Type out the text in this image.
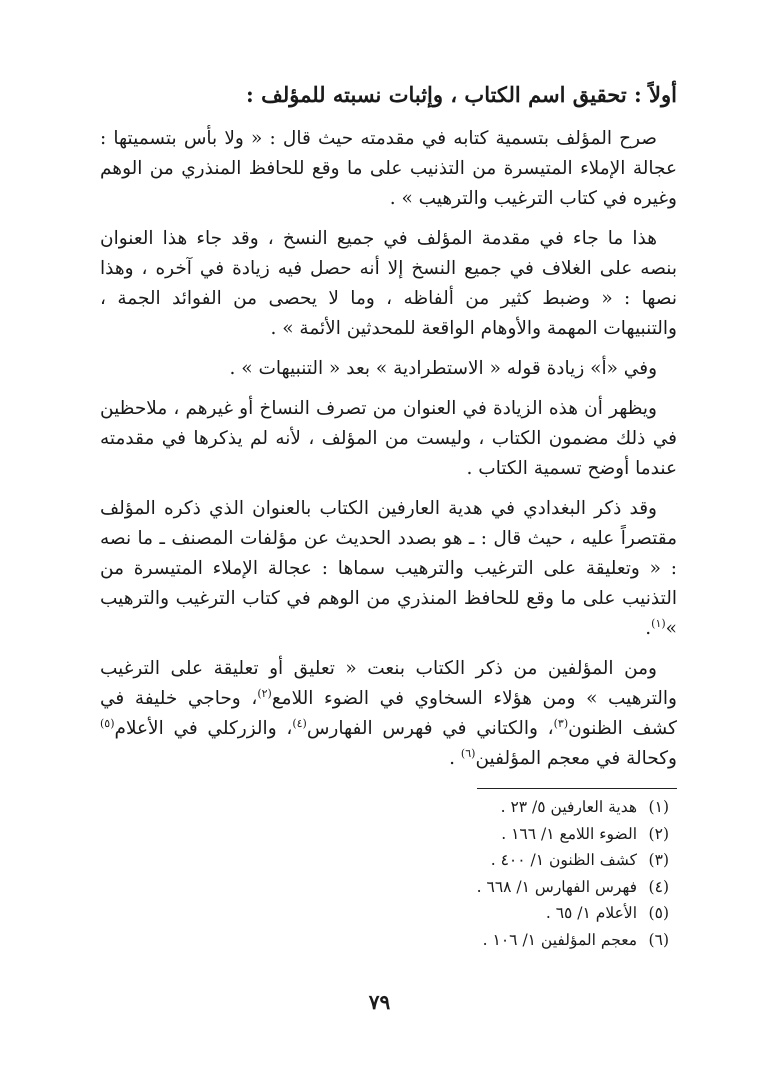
أولاً : تحقيق اسم الكتاب ، وإثبات نسبته للمؤلف :

صرح المؤلف بتسمية كتابه في مقدمته حيث قال : « ولا بأس بتسميتها : عجالة الإملاء المتيسرة من التذنيب على ما وقع للحافظ المنذري من الوهم وغيره في كتاب الترغيب والترهيب » .

هذا ما جاء في مقدمة المؤلف في جميع النسخ ، وقد جاء هذا العنوان بنصه على الغلاف في جميع النسخ إلا أنه حصل فيه زيادة في آخره ، وهذا نصها : « وضبط كثير من ألفاظه ، وما لا يحصى من الفوائد الجمة ، والتنبيهات المهمة والأوهام الواقعة للمحدثين الأئمة » .

وفي «أ» زيادة قوله « الاستطرادية » بعد « التنبيهات » .

ويظهر أن هذه الزيادة في العنوان من تصرف النساخ أو غيرهم ، ملاحظين في ذلك مضمون الكتاب ، وليست من المؤلف ، لأنه لم يذكرها في مقدمته عندما أوضح تسمية الكتاب .

وقد ذكر البغدادي في هدية العارفين الكتاب بالعنوان الذي ذكره المؤلف مقتصراً عليه ، حيث قال : ـ هو بصدد الحديث عن مؤلفات المصنف ـ ما نصه : « وتعليقة على الترغيب والترهيب سماها : عجالة الإملاء المتيسرة من التذنيب على ما وقع للحافظ المنذري من الوهم في كتاب الترغيب والترهيب »$^{(١)}$.

ومن المؤلفين من ذكر الكتاب بنعت « تعليق أو تعليقة على الترغيب والترهيب » ومن هؤلاء السخاوي في الضوء اللامع$^{(٢)}$، وحاجي خليفة في كشف الظنون$^{(٣)}$، والكتاني في فهرس الفهارس$^{(٤)}$، والزركلي في الأعلام$^{(٥)}$ وكحالة في معجم المؤلفين$^{(٦)}$ .

(١)هدية العارفين ٥/ ٢٣ .
(٢)الضوء اللامع ١/ ١٦٦ .
(٣)كشف الظنون ١/ ٤٠٠ .
(٤)فهرس الفهارس ١/ ٦٦٨ .
(٥)الأعلام ١/ ٦٥ .
(٦)معجم المؤلفين ١/ ١٠٦ .
٧٩
